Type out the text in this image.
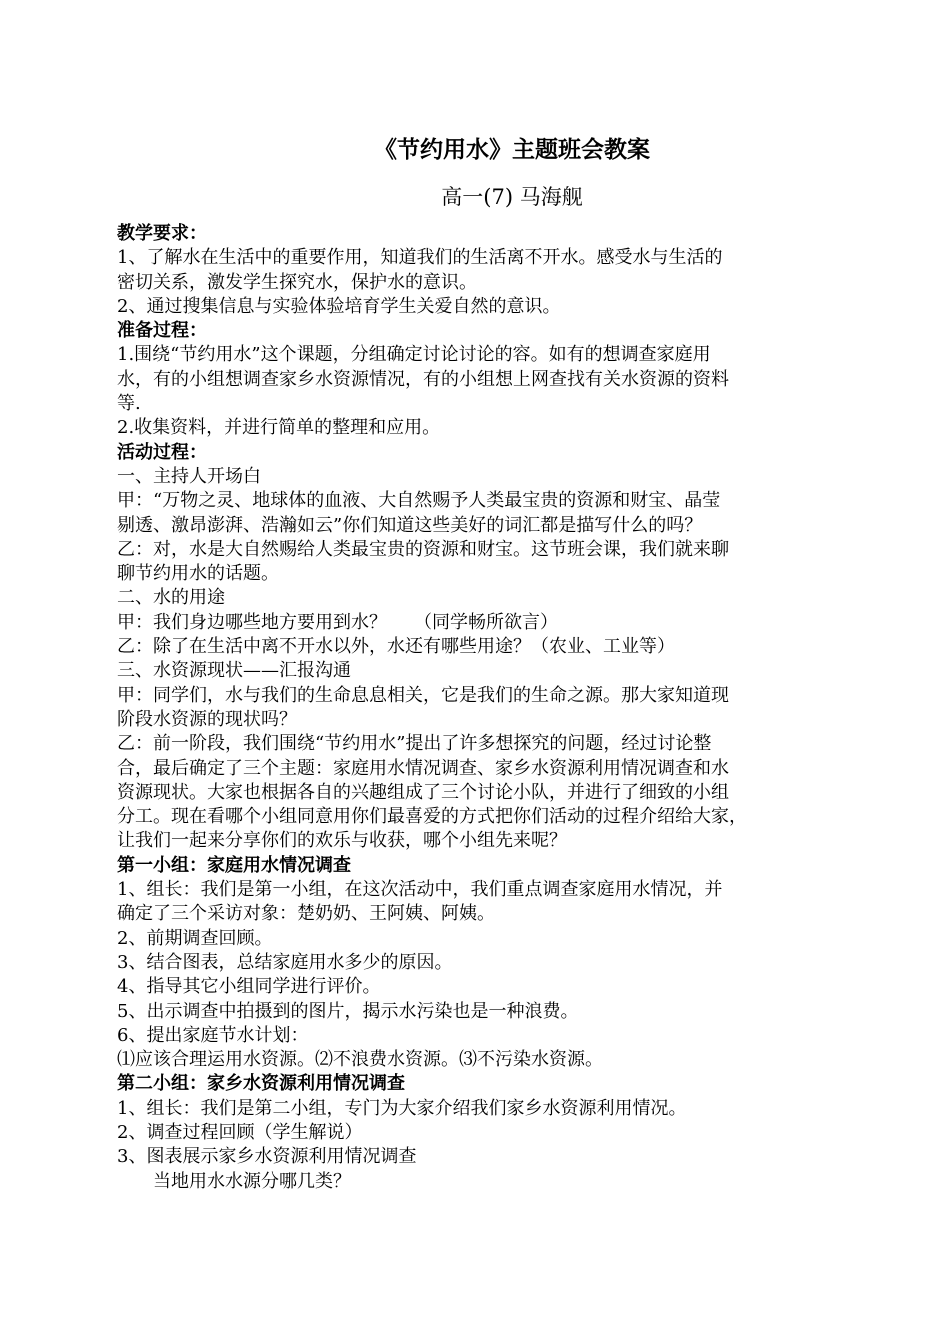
《节约用水》主题班会教案
高一(7) 马海舰
教学要求：
1、了解水在生活中的重要作用，知道我们的生活离不开水。感受水与生活的
密切关系，激发学生探究水，保护水的意识。
2、通过搜集信息与实验体验培育学生关爱自然的意识。
准备过程：
1.围绕“节约用水”这个课题，分组确定讨论讨论的容。如有的想调查家庭用
水，有的小组想调查家乡水资源情况，有的小组想上网查找有关水资源的资料
等.
2.收集资料，并进行简单的整理和应用。
活动过程：
一、主持人开场白
甲：“万物之灵、地球体的血液、大自然赐予人类最宝贵的资源和财宝、晶莹
剔透、激昂澎湃、浩瀚如云”你们知道这些美好的词汇都是描写什么的吗？
乙：对，水是大自然赐给人类最宝贵的资源和财宝。这节班会课，我们就来聊
聊节约用水的话题。
二、水的用途
甲：我们身边哪些地方要用到水？　　（同学畅所欲言）
乙：除了在生活中离不开水以外，水还有哪些用途？（农业、工业等）
三、水资源现状——汇报沟通
甲：同学们，水与我们的生命息息相关，它是我们的生命之源。那大家知道现
阶段水资源的现状吗？
乙：前一阶段，我们围绕“节约用水”提出了许多想探究的问题，经过讨论整
合，最后确定了三个主题：家庭用水情况调查、家乡水资源利用情况调查和水
资源现状。大家也根据各自的兴趣组成了三个讨论小队，并进行了细致的小组
分工。现在看哪个小组同意用你们最喜爱的方式把你们活动的过程介绍给大家，
让我们一起来分享你们的欢乐与收获，哪个小组先来呢？
第一小组：家庭用水情况调查
1、组长：我们是第一小组，在这次活动中，我们重点调查家庭用水情况，并
确定了三个采访对象：楚奶奶、王阿姨、阿姨。
2、前期调查回顾。
3、结合图表，总结家庭用水多少的原因。
4、指导其它小组同学进行评价。
5、出示调查中拍摄到的图片，揭示水污染也是一种浪费。
6、提出家庭节水计划：
⑴应该合理运用水资源。⑵不浪费水资源。⑶不污染水资源。
第二小组：家乡水资源利用情况调查
1、组长：我们是第二小组，专门为大家介绍我们家乡水资源利用情况。
2、调查过程回顾（学生解说）
3、图表展示家乡水资源利用情况调查
当地用水水源分哪几类？
